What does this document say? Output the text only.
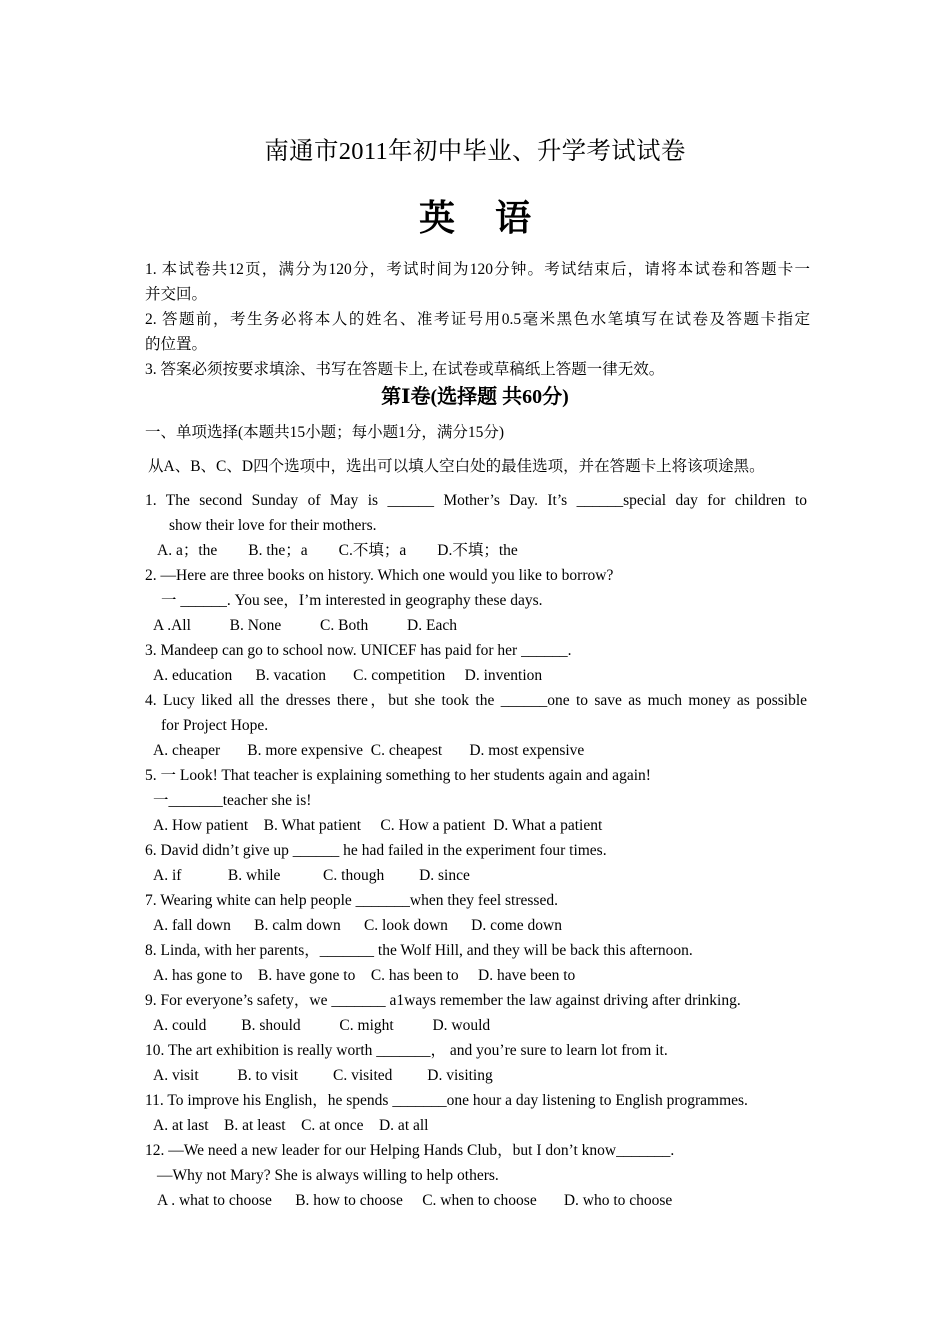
南通市2011年初中毕业、升学考试试卷
英 语

1. 本试卷共12页，满分为120分，考试时间为120分钟。考试结束后，请将本试卷和答题卡一

并交回。

2. 答题前，考生务必将本人的姓名、准考证号用0.5毫米黑色水笔填写在试卷及答题卡指定

的位置。

3. 答案必须按要求填涂、书写在答题卡上, 在试卷或草稿纸上答题一律无效。

第Ⅰ卷(选择题 共60分)
一、单项选择(本题共15小题；每小题1分，满分15分)
从A、B、C、D四个选项中，选出可以填人空白处的最佳选项，并在答题卡上将该项途黑。
1. The second Sunday of May is ______ Mother’s Day. It’s ______special day for children to
show their love for their mothers.
A. a；the        B. the；a        C.不填；a        D.不填；the
2. —Here are three books on history. Which one would you like to borrow?
一 ______. You see，I’m interested in geography these days.
A .All          B. None          C. Both          D. Each
3. Mandeep can go to school now. UNICEF has paid for her ______.
A. education      B. vacation       C. competition     D. invention
4. Lucy liked all the dresses there，but she took the ______one to save as much money as possible
for Project Hope.
A. cheaper       B. more expensive  C. cheapest       D. most expensive
5. 一 Look! That teacher is explaining something to her students again and again!
一_______teacher she is!
A. How patient    B. What patient     C. How a patient  D. What a patient
6. David didn’t give up ______ he had failed in the experiment four times.
A. if            B. while           C. though         D. since
7. Wearing white can help people _______when they feel stressed.
A. fall down      B. calm down      C. look down      D. come down
8. Linda, with her parents，_______ the Wolf Hill, and they will be back this afternoon.
A. has gone to    B. have gone to    C. has been to     D. have been to
9. For everyone’s safety，we _______ a1ways remember the law against driving after drinking.
A. could         B. should          C. might          D. would
10. The art exhibition is really worth _______， and you’re sure to learn lot from it.
A. visit          B. to visit         C. visited         D. visiting
11. To improve his English，he spends _______one hour a day listening to English programmes.
A. at last    B. at least    C. at once    D. at all
12. —We need a new leader for our Helping Hands Club，but I don’t know_______.
—Why not Mary? She is always willing to help others.
A . what to choose      B. how to choose     C. when to choose       D. who to choose
